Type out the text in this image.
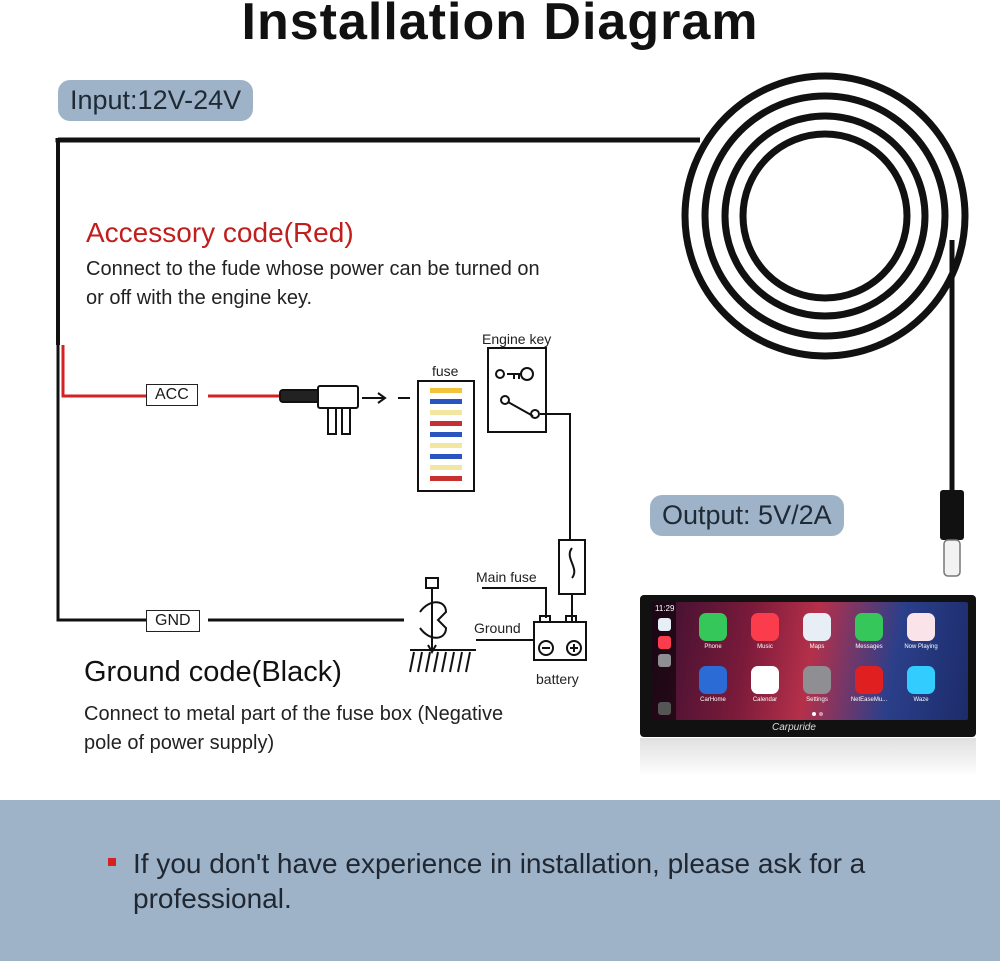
Installation Diagram
Input:12V-24V
Output: 5V/2A
Accessory code(Red)
Connect to the fude whose power can be turned on or off with the engine key.
ACC
GND
fuse
Engine key
Main fuse
Ground
battery
Ground code(Black)
Connect to metal part of the fuse box (Negative pole of power supply)
11:29
Phone	Music	Maps	Messages	Now Playing
CarHome	Calendar	Settings	NetEaseMu...	Waze
Carpuride
If you don't have experience in installation, please ask for a professional.
